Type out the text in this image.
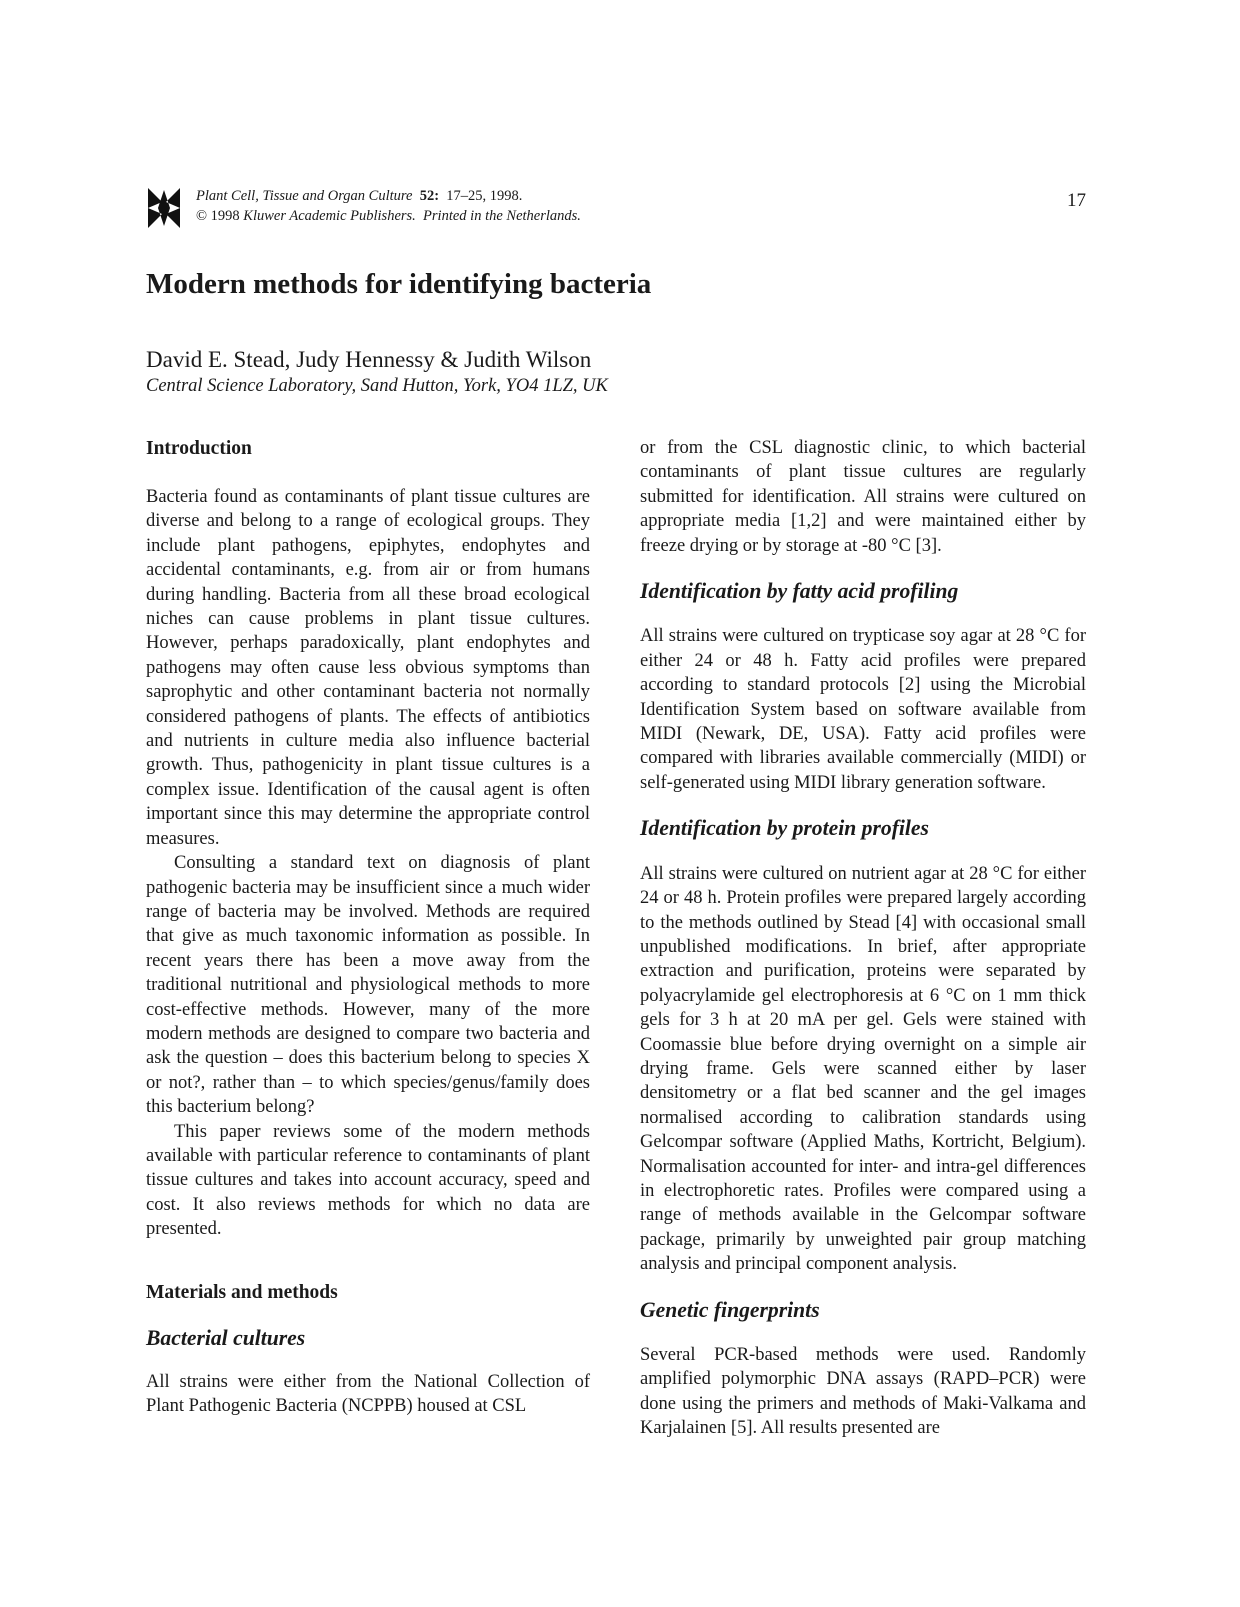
Plant Cell, Tissue and Organ Culture 52: 17–25, 1998.
© 1998 Kluwer Academic Publishers. Printed in the Netherlands.
17
Modern methods for identifying bacteria
David E. Stead, Judy Hennessy & Judith Wilson
Central Science Laboratory, Sand Hutton, York, YO4 1LZ, UK
Introduction

Bacteria found as contaminants of plant tissue cultures are diverse and belong to a range of ecological groups. They include plant pathogens, epiphytes, endophytes and accidental contaminants, e.g. from air or from humans during handling. Bacteria from all these broad ecological niches can cause problems in plant tissue cultures. However, perhaps paradoxically, plant endophytes and pathogens may often cause less obvious symptoms than saprophytic and other contaminant bacteria not normally considered pathogens of plants. The effects of antibiotics and nutrients in culture media also influence bacterial growth. Thus, pathogenicity in plant tissue cultures is a complex issue. Identification of the causal agent is often important since this may determine the appropriate control measures.

Consulting a standard text on diagnosis of plant pathogenic bacteria may be insufficient since a much wider range of bacteria may be involved. Methods are required that give as much taxonomic information as possible. In recent years there has been a move away from the traditional nutritional and physiological methods to more cost-effective methods. However, many of the more modern methods are designed to compare two bacteria and ask the question – does this bacterium belong to species X or not?, rather than – to which species/genus/family does this bacterium belong?

This paper reviews some of the modern methods available with particular reference to contaminants of plant tissue cultures and takes into account accuracy, speed and cost. It also reviews methods for which no data are presented.

Materials and methods
Bacterial cultures

All strains were either from the National Collection of Plant Pathogenic Bacteria (NCPPB) housed at CSL

or from the CSL diagnostic clinic, to which bacterial contaminants of plant tissue cultures are regularly submitted for identification. All strains were cultured on appropriate media [1,2] and were maintained either by freeze drying or by storage at -80 °C [3].

Identification by fatty acid profiling

All strains were cultured on trypticase soy agar at 28 °C for either 24 or 48 h. Fatty acid profiles were prepared according to standard protocols [2] using the Microbial Identification System based on software available from MIDI (Newark, DE, USA). Fatty acid profiles were compared with libraries available commercially (MIDI) or self-generated using MIDI library generation software.

Identification by protein profiles

All strains were cultured on nutrient agar at 28 °C for either 24 or 48 h. Protein profiles were prepared largely according to the methods outlined by Stead [4] with occasional small unpublished modifications. In brief, after appropriate extraction and purification, proteins were separated by polyacrylamide gel electrophoresis at 6 °C on 1 mm thick gels for 3 h at 20 mA per gel. Gels were stained with Coomassie blue before drying overnight on a simple air drying frame. Gels were scanned either by laser densitometry or a flat bed scanner and the gel images normalised according to calibration standards using Gelcompar software (Applied Maths, Kortricht, Belgium). Normalisation accounted for inter- and intra-gel differences in electrophoretic rates. Profiles were compared using a range of methods available in the Gelcompar software package, primarily by unweighted pair group matching analysis and principal component analysis.

Genetic fingerprints

Several PCR-based methods were used. Randomly amplified polymorphic DNA assays (RAPD–PCR) were done using the primers and methods of Maki-Valkama and Karjalainen [5]. All results presented are
